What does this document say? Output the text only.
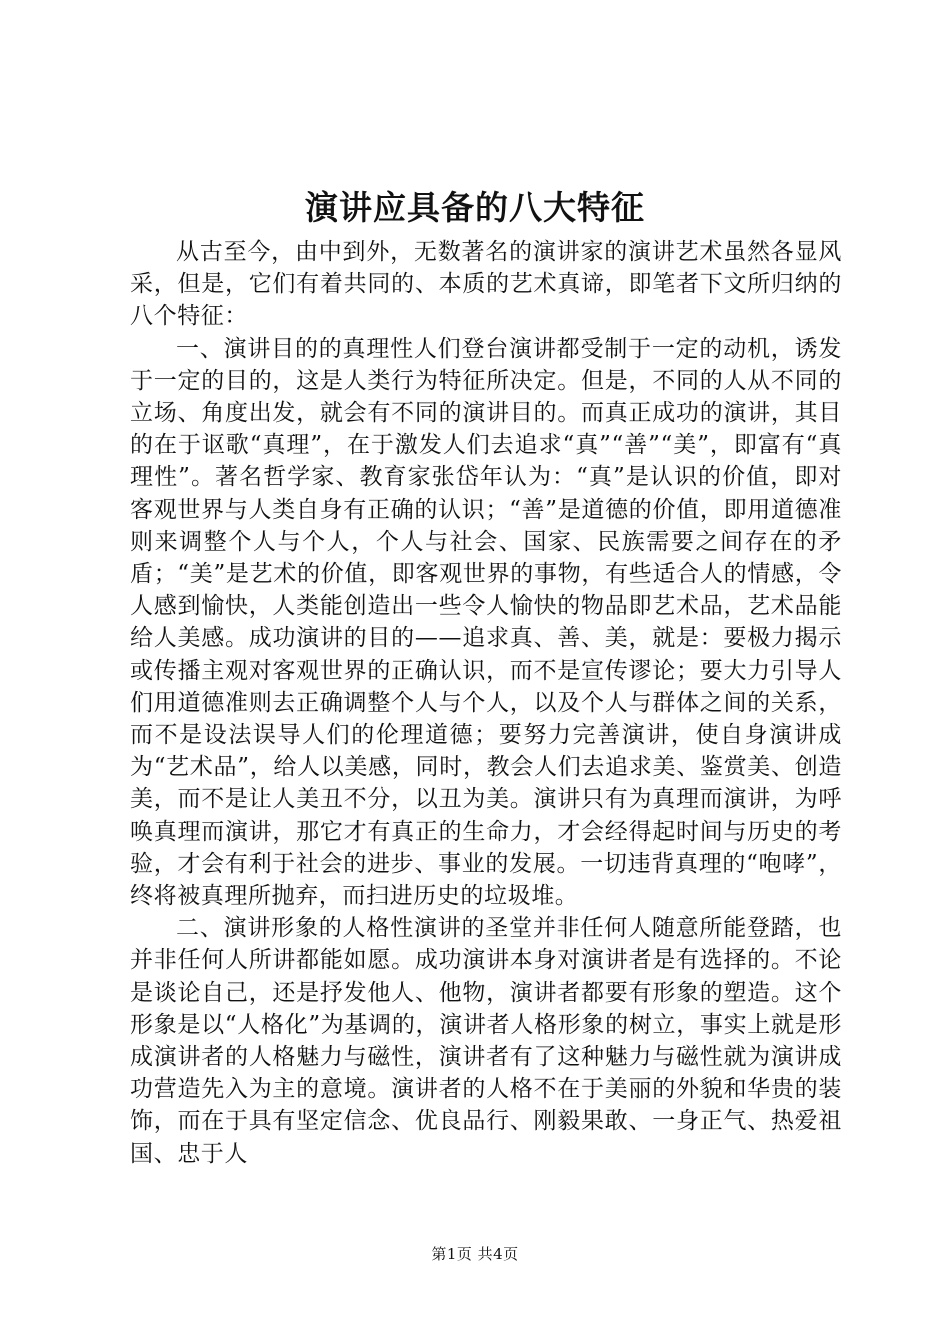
演讲应具备的八大特征

从古至今，由中到外，无数著名的演讲家的演讲艺术虽然各显风采，但是，它们有着共同的、本质的艺术真谛，即笔者下文所归纳的八个特征：

一、演讲目的的真理性人们登台演讲都受制于一定的动机，诱发于一定的目的，这是人类行为特征所决定。但是，不同的人从不同的立场、角度出发，就会有不同的演讲目的。而真正成功的演讲，其目的在于讴歌“真理”，在于激发人们去追求“真”“善”“美”，即富有“真理性”。著名哲学家、教育家张岱年认为：“真”是认识的价值，即对客观世界与人类自身有正确的认识；“善”是道德的价值，即用道德准则来调整个人与个人，个人与社会、国家、民族需要之间存在的矛盾；“美”是艺术的价值，即客观世界的事物，有些适合人的情感，令人感到愉快，人类能创造出一些令人愉快的物品即艺术品，艺术品能给人美感。成功演讲的目的——追求真、善、美，就是：要极力揭示或传播主观对客观世界的正确认识，而不是宣传谬论；要大力引导人们用道德准则去正确调整个人与个人，以及个人与群体之间的关系，而不是设法误导人们的伦理道德；要努力完善演讲，使自身演讲成为“艺术品”，给人以美感，同时，教会人们去追求美、鉴赏美、创造美，而不是让人美丑不分，以丑为美。演讲只有为真理而演讲，为呼唤真理而演讲，那它才有真正的生命力，才会经得起时间与历史的考验，才会有利于社会的进步、事业的发展。一切违背真理的“咆哮”，终将被真理所抛弃，而扫进历史的垃圾堆。

二、演讲形象的人格性演讲的圣堂并非任何人随意所能登踏，也并非任何人所讲都能如愿。成功演讲本身对演讲者是有选择的。不论是谈论自己，还是抒发他人、他物，演讲者都要有形象的塑造。这个形象是以“人格化”为基调的，演讲者人格形象的树立，事实上就是形成演讲者的人格魅力与磁性，演讲者有了这种魅力与磁性就为演讲成功营造先入为主的意境。演讲者的人格不在于美丽的外貌和华贵的装饰，而在于具有坚定信念、优良品行、刚毅果敢、一身正气、热爱祖国、忠于人

第1页 共4页
